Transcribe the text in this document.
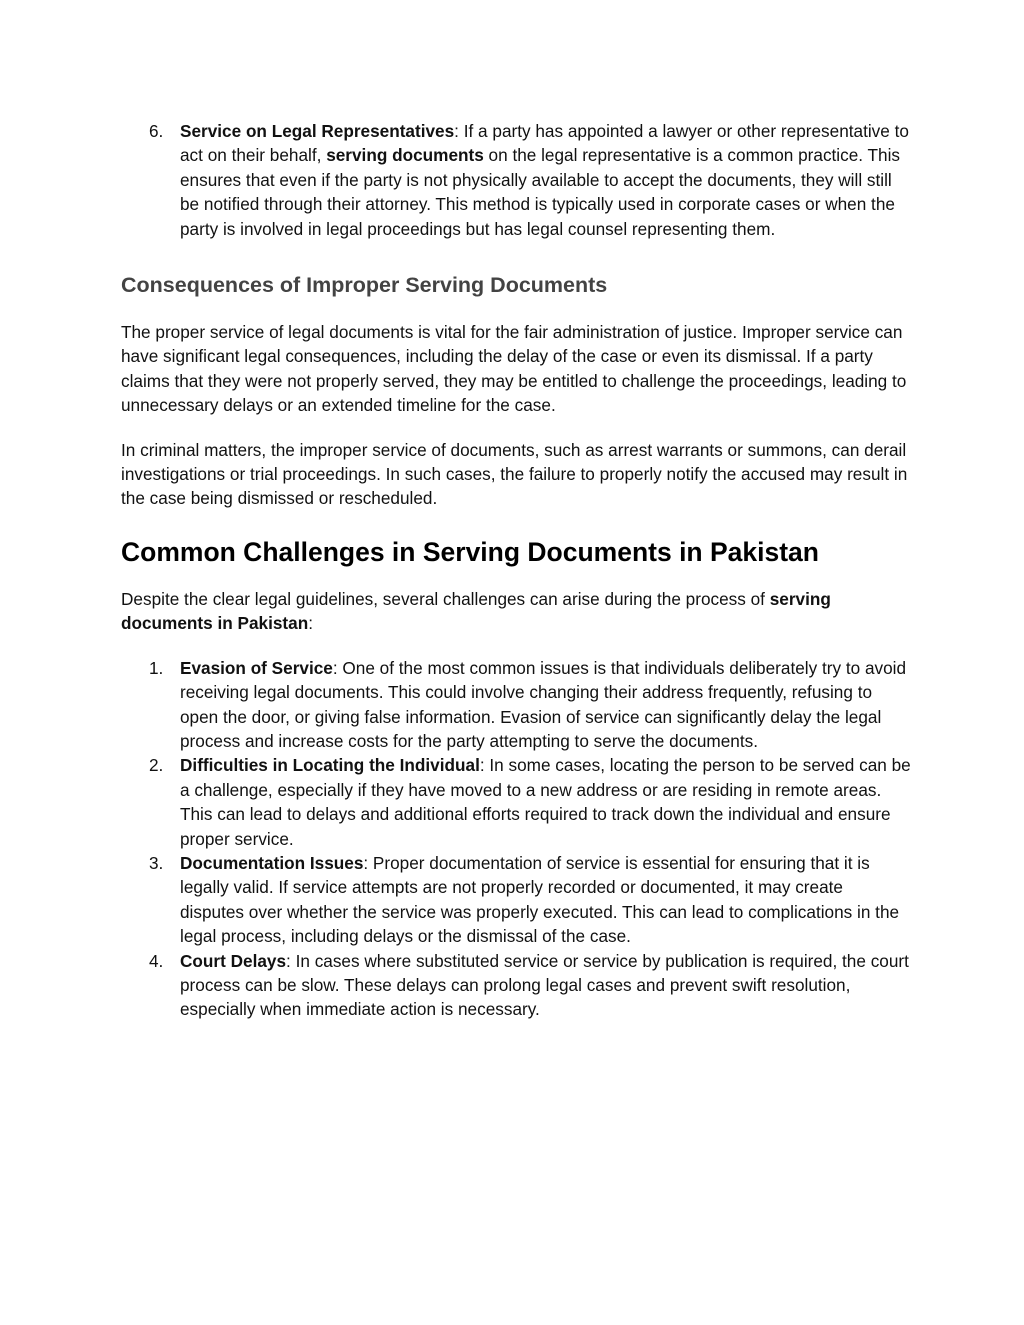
6. Service on Legal Representatives: If a party has appointed a lawyer or other representative to act on their behalf, serving documents on the legal representative is a common practice. This ensures that even if the party is not physically available to accept the documents, they will still be notified through their attorney. This method is typically used in corporate cases or when the party is involved in legal proceedings but has legal counsel representing them.
Consequences of Improper Serving Documents

The proper service of legal documents is vital for the fair administration of justice. Improper service can have significant legal consequences, including the delay of the case or even its dismissal. If a party claims that they were not properly served, they may be entitled to challenge the proceedings, leading to unnecessary delays or an extended timeline for the case.

In criminal matters, the improper service of documents, such as arrest warrants or summons, can derail investigations or trial proceedings. In such cases, the failure to properly notify the accused may result in the case being dismissed or rescheduled.

Common Challenges in Serving Documents in Pakistan

Despite the clear legal guidelines, several challenges can arise during the process of serving documents in Pakistan:

1. Evasion of Service: One of the most common issues is that individuals deliberately try to avoid receiving legal documents. This could involve changing their address frequently, refusing to open the door, or giving false information. Evasion of service can significantly delay the legal process and increase costs for the party attempting to serve the documents.
2. Difficulties in Locating the Individual: In some cases, locating the person to be served can be a challenge, especially if they have moved to a new address or are residing in remote areas. This can lead to delays and additional efforts required to track down the individual and ensure proper service.
3. Documentation Issues: Proper documentation of service is essential for ensuring that it is legally valid. If service attempts are not properly recorded or documented, it may create disputes over whether the service was properly executed. This can lead to complications in the legal process, including delays or the dismissal of the case.
4. Court Delays: In cases where substituted service or service by publication is required, the court process can be slow. These delays can prolong legal cases and prevent swift resolution, especially when immediate action is necessary.
